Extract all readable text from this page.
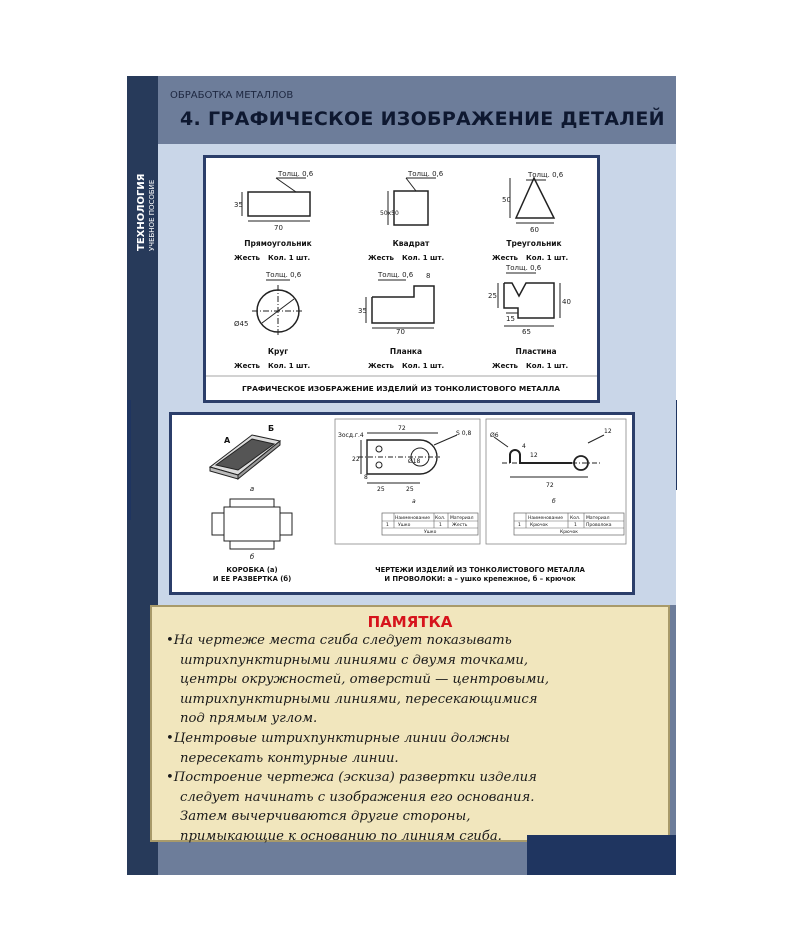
ТЕХНОЛОГИЯ УЧЕБНОЕ ПОСОБИЕ
ОБРАБОТКА МЕТАЛЛОВ
4. ГРАФИЧЕСКОЕ ИЗОБРАЖЕНИЕ ДЕТАЛЕЙ
Толщ. 0,6
35
70
Толщ. 0,6
50х50
Толщ. 0,6
50
60
Толщ. 0,6
Ø45
Толщ. 0,6
35
70
8
Толщ. 0,6
25
40
15
65
Прямоугольник	Квадрат	Треугольник
Круг	Планка	Пластина
Жесть Кол. 1 шт.	Жесть Кол. 1 шт.	Жесть Кол. 1 шт.
Жесть Кол. 1 шт.	Жесть Кол. 1 шт.	Жесть Кол. 1 шт.
ГРАФИЧЕСКОЕ ИЗОБРАЖЕНИЕ ИЗДЕЛИЙ ИЗ ТОНКОЛИСТОВОГО МЕТАЛЛА
А
Б
а
б
КОРОБКА (а)
И ЕЕ РАЗВЕРТКА (б)
72
22
8
25	25
Ø18
Зосд.г.4	S 0,8
а
Наименование Кол. Материал
1 Ушко	1 Жесть
Ушко
Ø6
4
12
72
12
б
Наименование Кол. Материал
1 Крючок	1 Проволока
Крючок
ЧЕРТЕЖИ ИЗДЕЛИЙ ИЗ ТОНКОЛИСТОВОГО МЕТАЛЛА
И ПРОВОЛОКИ: а – ушко крепежное, б – крючок
ПАМЯТКА
•На чертеже места сгиба следует показывать
штрихпунктирными линиями с двумя точками,
центры окружностей, отверстий — центровыми,
штрихпунктирными линиями, пересекающимися
под прямым углом.
•Центровые штрихпунктирные линии должны
пересекать контурные линии.
•Построение чертежа (эскиза) развертки изделия
следует начинать с изображения его основания.
Затем вычерчиваются другие стороны,
примыкающие к основанию по линиям сгиба.
